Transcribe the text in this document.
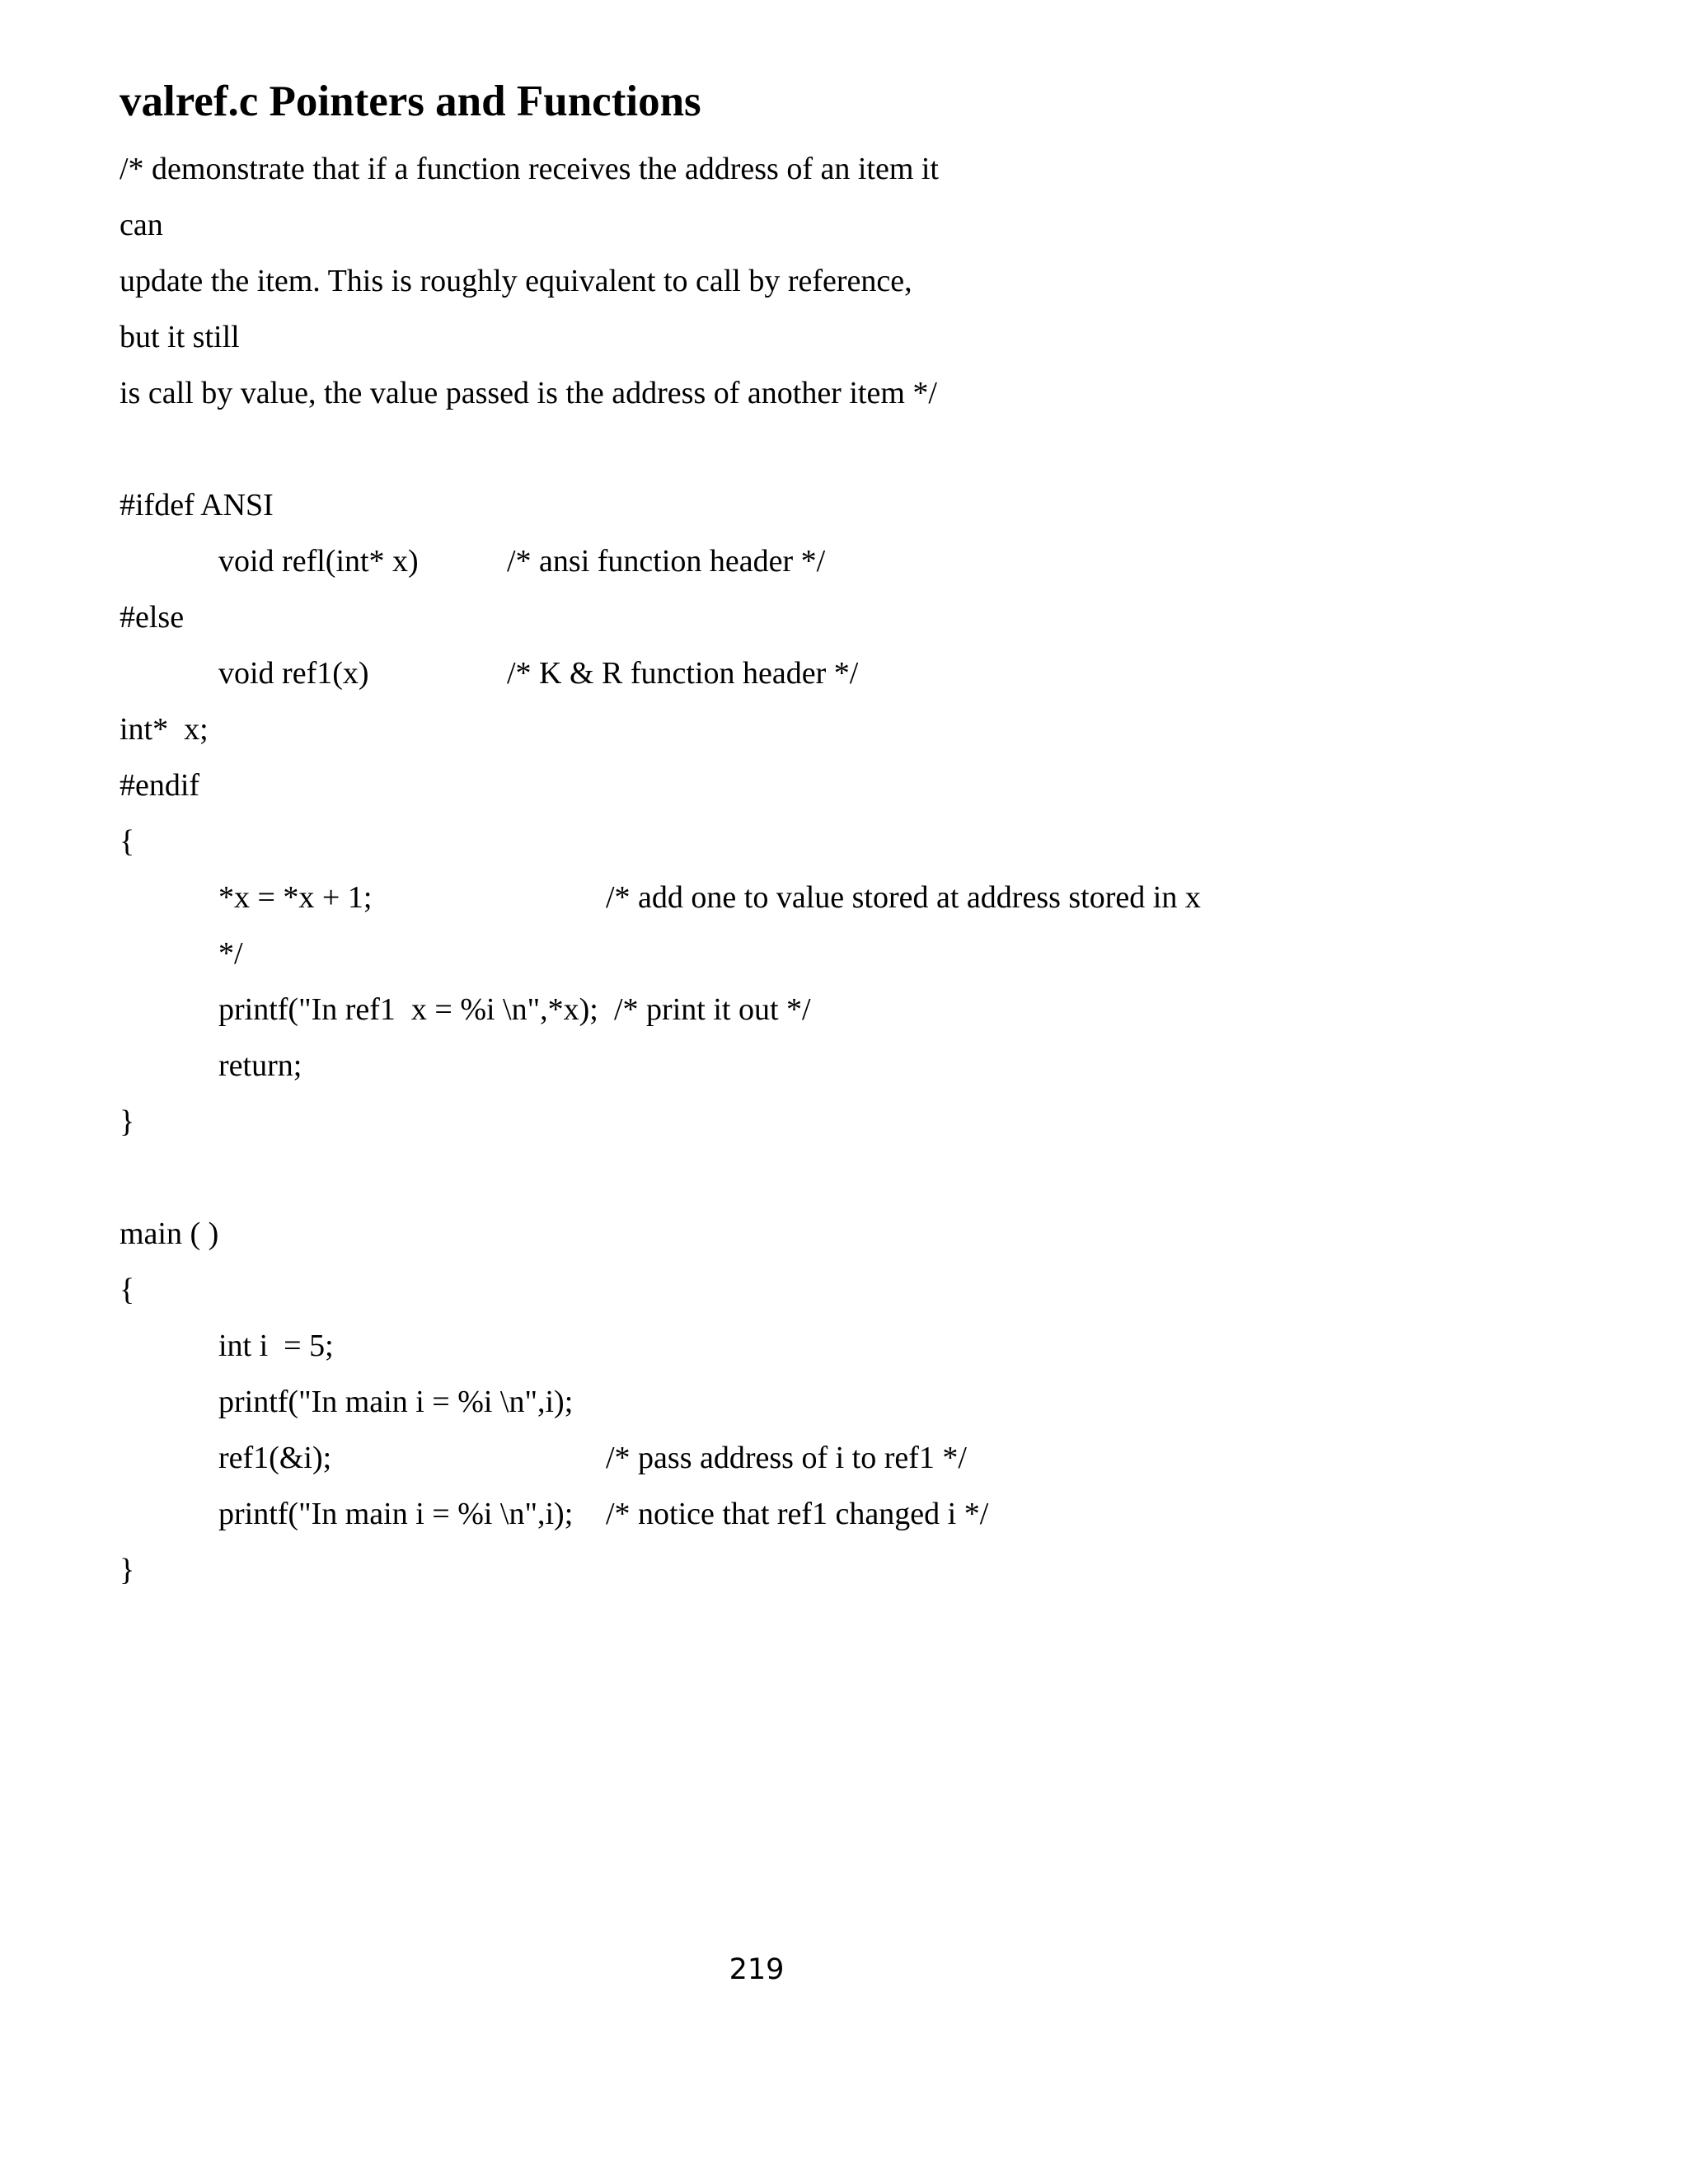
valref.c Pointers and Functions
/* demonstrate that if a function receives the address of an item it
can
update the item. This is roughly equivalent to call by reference,
but it still
is call by value, the value passed is the address of another item */
#ifdef ANSI
void refl(int* x)	/* ansi function header */
#else
void ref1(x)	/* K & R function header */
int*  x;
#endif
{
*x = *x + 1;	/* add one to value stored at address stored in x
*/
printf("In ref1  x = %i \n",*x); /* print it out */
return;
}
main ( )
{
int i  = 5;
printf("In main i = %i \n",i);
ref1(&i);	/* pass address of i to ref1 */
printf("In main i = %i \n",i); /* notice that ref1 changed i */
}
219
